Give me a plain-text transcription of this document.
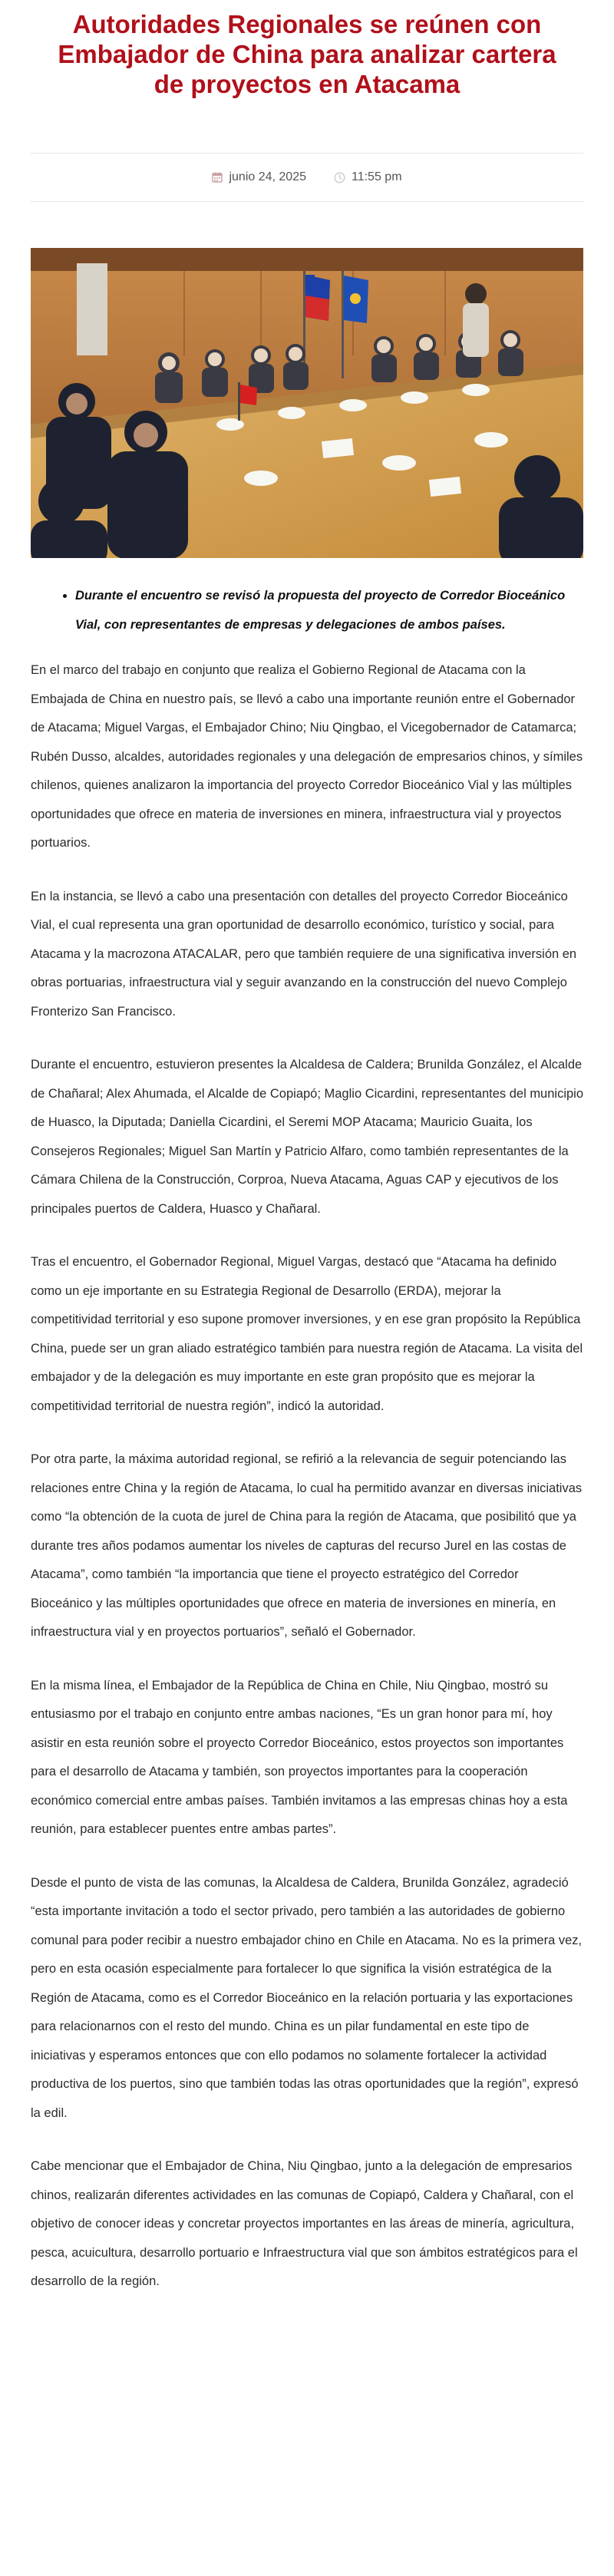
Autoridades Regionales se reúnen con Embajador de China para analizar cartera de proyectos en Atacama
junio 24, 2025	11:55 pm
• Durante el encuentro se revisó la propuesta del proyecto de Corredor Bioceánico Vial, con representantes de empresas y delegaciones de ambos países.

En el marco del trabajo en conjunto que realiza el Gobierno Regional de Atacama con la Embajada de China en nuestro país, se llevó a cabo una importante reunión entre el Gobernador de Atacama; Miguel Vargas, el Embajador Chino; Niu Qingbao, el Vicegobernador de Catamarca; Rubén Dusso, alcaldes, autoridades regionales y una delegación de empresarios chinos, y símiles chilenos, quienes analizaron la importancia del proyecto Corredor Bioceánico Vial y las múltiples oportunidades que ofrece en materia de inversiones en minera, infraestructura vial y proyectos portuarios.

En la instancia, se llevó a cabo una presentación con detalles del proyecto Corredor Bioceánico Vial, el cual representa una gran oportunidad de desarrollo económico, turístico y social, para Atacama y la macrozona ATACALAR, pero que también requiere de una significativa inversión en obras portuarias, infraestructura vial y seguir avanzando en la construcción del nuevo Complejo Fronterizo San Francisco.

Durante el encuentro, estuvieron presentes la Alcaldesa de Caldera; Brunilda González, el Alcalde de Chañaral; Alex Ahumada, el Alcalde de Copiapó; Maglio Cicardini, representantes del municipio de Huasco, la Diputada; Daniella Cicardini, el Seremi MOP Atacama; Mauricio Guaita, los Consejeros Regionales; Miguel San Martín y Patricio Alfaro, como también representantes de la Cámara Chilena de la Construcción, Corproa, Nueva Atacama, Aguas CAP y ejecutivos de los principales puertos de Caldera, Huasco y Chañaral.

Tras el encuentro, el Gobernador Regional, Miguel Vargas, destacó que “Atacama ha definido como un eje importante en su Estrategia Regional de Desarrollo (ERDA), mejorar la competitividad territorial y eso supone promover inversiones, y en ese gran propósito la República China, puede ser un gran aliado estratégico también para nuestra región de Atacama. La visita del embajador y de la delegación es muy importante en este gran propósito que es mejorar la competitividad territorial de nuestra región”, indicó la autoridad.

Por otra parte, la máxima autoridad regional, se refirió a la relevancia de seguir potenciando las relaciones entre China y la región de Atacama, lo cual ha permitido avanzar en diversas iniciativas como “la obtención de la cuota de jurel de China para la región de Atacama, que posibilitó que ya durante tres años podamos aumentar los niveles de capturas del recurso Jurel en las costas de Atacama”, como también “la importancia que tiene el proyecto estratégico del Corredor Bioceánico y las múltiples oportunidades que ofrece en materia de inversiones en minería, en infraestructura vial y en proyectos portuarios”, señaló el Gobernador.

En la misma línea, el Embajador de la República de China en Chile, Niu Qingbao, mostró su entusiasmo por el trabajo en conjunto entre ambas naciones, “Es un gran honor para mí, hoy asistir en esta reunión sobre el proyecto Corredor Bioceánico, estos proyectos son importantes para el desarrollo de Atacama y también, son proyectos importantes para la cooperación económico comercial entre ambas países. También invitamos a las empresas chinas hoy a esta reunión, para establecer puentes entre ambas partes”.

Desde el punto de vista de las comunas, la Alcaldesa de Caldera, Brunilda González, agradeció “esta importante invitación a todo el sector privado, pero también a las autoridades de gobierno comunal para poder recibir a nuestro embajador chino en Chile en Atacama. No es la primera vez, pero en esta ocasión especialmente para fortalecer lo que significa la visión estratégica de la Región de Atacama, como es el Corredor Bioceánico en la relación portuaria y las exportaciones para relacionarnos con el resto del mundo. China es un pilar fundamental en este tipo de iniciativas y esperamos entonces que con ello podamos no solamente fortalecer la actividad productiva de los puertos, sino que también todas las otras oportunidades que la región”, expresó la edil.

Cabe mencionar que el Embajador de China, Niu Qingbao, junto a la delegación de empresarios chinos, realizarán diferentes actividades en las comunas de Copiapó, Caldera y Chañaral, con el objetivo de conocer ideas y concretar proyectos importantes en las áreas de minería, agricultura, pesca, acuicultura, desarrollo portuario e Infraestructura vial que son ámbitos estratégicos para el desarrollo de la región.
